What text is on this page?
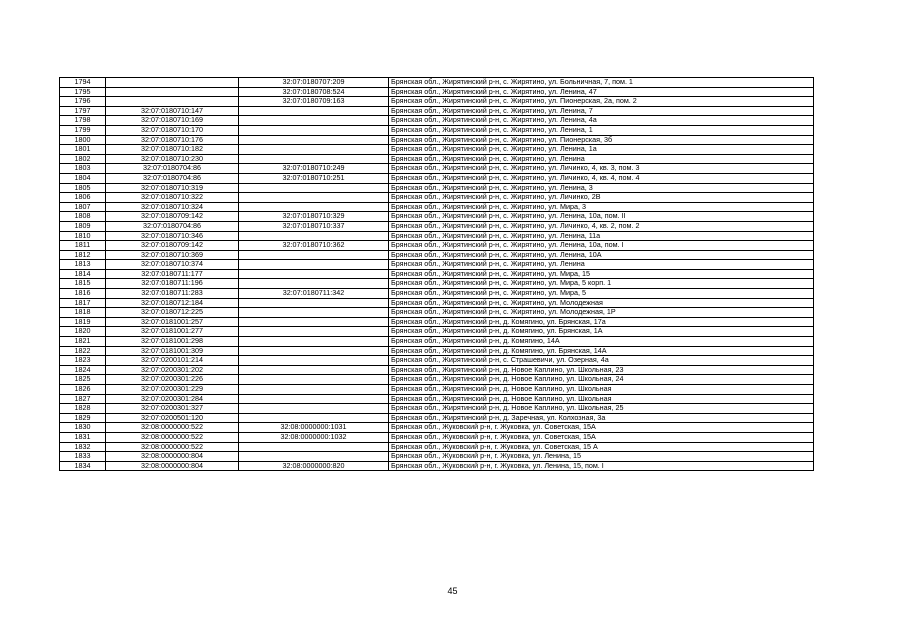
1794		32:07:0180707:209	Брянская обл., Жирятинский р-н, с. Жирятино, ул. Больничная, 7, пом. 1
1795		32:07:0180708:524	Брянская обл., Жирятинский р-н, с. Жирятино, ул. Ленина, 47
1796		32:07:0180709:163	Брянская обл., Жирятинский р-н, с. Жирятино, ул. Пионерская, 2а, пом. 2
1797	32:07:0180710:147		Брянская обл., Жирятинский р-н, с. Жирятино, ул. Ленина, 7
1798	32:07:0180710:169		Брянская обл., Жирятинский р-н, с. Жирятино, ул. Ленина, 4а
1799	32:07:0180710:170		Брянская обл., Жирятинский р-н, с. Жирятино, ул. Ленина, 1
1800	32:07:0180710:176		Брянская обл., Жирятинский р-н, с. Жирятино, ул. Пионерская, 3б
1801	32:07:0180710:182		Брянская обл., Жирятинский р-н, с. Жирятино, ул. Ленина, 1а
1802	32:07:0180710:230		Брянская обл., Жирятинский р-н, с. Жирятино, ул. Ленина
1803	32:07:0180704:86	32:07:0180710:249	Брянская обл., Жирятинский р-н, с. Жирятино, ул. Личинко, 4, кв. 3, пом. 3
1804	32:07:0180704:86	32:07:0180710:251	Брянская обл., Жирятинский р-н, с. Жирятино, ул. Личинко, 4, кв. 4, пом. 4
1805	32:07:0180710:319		Брянская обл., Жирятинский р-н, с. Жирятино, ул. Ленина, 3
1806	32:07:0180710:322		Брянская обл., Жирятинский р-н, с. Жирятино, ул. Личинко, 2В
1807	32:07:0180710:324		Брянская обл., Жирятинский р-н, с. Жирятино, ул. Мира, 3
1808	32:07:0180709:142	32:07:0180710:329	Брянская обл., Жирятинский р-н, с. Жирятино, ул. Ленина, 10а, пом. II
1809	32:07:0180704:86	32:07:0180710:337	Брянская обл., Жирятинский р-н, с. Жирятино, ул. Личинко, 4, кв. 2, пом. 2
1810	32:07:0180710:346		Брянская обл., Жирятинский р-н, с. Жирятино, ул. Ленина, 11а
1811	32:07:0180709:142	32:07:0180710:362	Брянская обл., Жирятинский р-н, с. Жирятино, ул. Ленина, 10а, пом. I
1812	32:07:0180710:369		Брянская обл., Жирятинский р-н, с. Жирятино, ул. Ленина, 10А
1813	32:07:0180710:374		Брянская обл., Жирятинский р-н, с. Жирятино, ул. Ленина
1814	32:07:0180711:177		Брянская обл., Жирятинский р-н, с. Жирятино, ул. Мира, 15
1815	32:07:0180711:196		Брянская обл., Жирятинский р-н, с. Жирятино, ул. Мира, 5 корп. 1
1816	32:07:0180711:283	32:07:0180711:342	Брянская обл., Жирятинский р-н, с. Жирятино, ул. Мира, 5
1817	32:07:0180712:184		Брянская обл., Жирятинский р-н, с. Жирятино, ул. Молодежная
1818	32:07:0180712:225		Брянская обл., Жирятинский р-н, с. Жирятино, ул. Молодежная, 1Р
1819	32:07:0181001:257		Брянская обл., Жирятинский р-н, д. Комягино, ул. Брянская, 17а
1820	32:07:0181001:277		Брянская обл., Жирятинский р-н, д. Комягино, ул. Брянская, 1А
1821	32:07:0181001:298		Брянская обл., Жирятинский р-н, д. Комягино, 14А
1822	32:07:0181001:309		Брянская обл., Жирятинский р-н, д. Комягино, ул. Брянская, 14А
1823	32:07:0200101:214		Брянская обл., Жирятинский р-н, с. Страшевичи, ул. Озерная, 4а
1824	32:07:0200301:202		Брянская обл., Жирятинский р-н, д. Новое Каплино, ул. Школьная, 23
1825	32:07:0200301:226		Брянская обл., Жирятинский р-н, д. Новое Каплино, ул. Школьная, 24
1826	32:07:0200301:229		Брянская обл., Жирятинский р-н, д. Новое Каплино, ул. Школьная
1827	32:07:0200301:284		Брянская обл., Жирятинский р-н, д. Новое Каплино, ул. Школьная
1828	32:07:0200301:327		Брянская обл., Жирятинский р-н, д. Новое Каплино, ул. Школьная, 25
1829	32:07:0200501:120		Брянская обл., Жирятинский р-н, д. Заречная, ул. Колхозная, 3а
1830	32:08:0000000:522	32:08:0000000:1031	Брянская обл., Жуковский р-н, г. Жуковка, ул. Советская, 15А
1831	32:08:0000000:522	32:08:0000000:1032	Брянская обл., Жуковский р-н, г. Жуковка, ул. Советская, 15А
1832	32:08:0000000:522		Брянская обл., Жуковский р-н, г. Жуковка, ул. Советская, 15 А
1833	32:08:0000000:804		Брянская обл., Жуковский р-н, г. Жуковка, ул. Ленина, 15
1834	32:08:0000000:804	32:08:0000000:820	Брянская обл., Жуковский р-н, г. Жуковка, ул. Ленина, 15, пом. I
45
